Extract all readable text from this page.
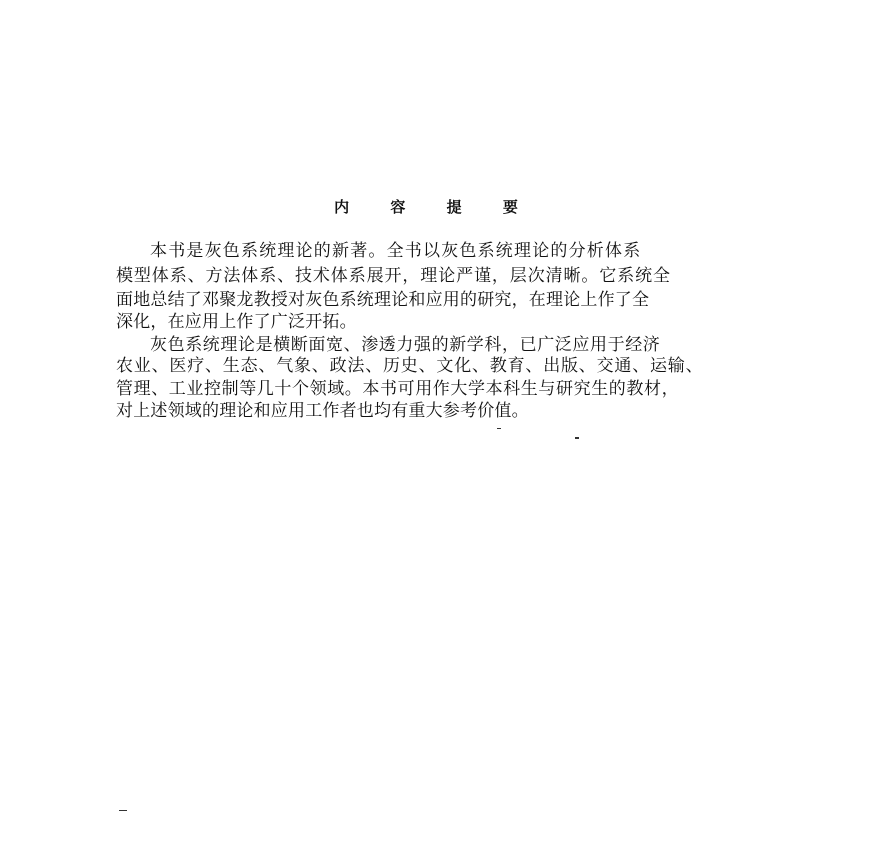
内 容 提 要
本书是灰色系统理论的新著。全书以灰色系统理论的分析体系
模型体系、方法体系、技术体系展开，理论严谨，层次清晰。它系统全
面地总结了邓聚龙教授对灰色系统理论和应用的研究，在理论上作了全
深化，在应用上作了广泛开拓。
灰色系统理论是横断面宽、渗透力强的新学科，已广泛应用于经济
农业、医疗、生态、气象、政法、历史、文化、教育、出版、交通、运输、
管理、工业控制等几十个领域。本书可用作大学本科生与研究生的教材，
对上述领域的理论和应用工作者也均有重大参考价值。
